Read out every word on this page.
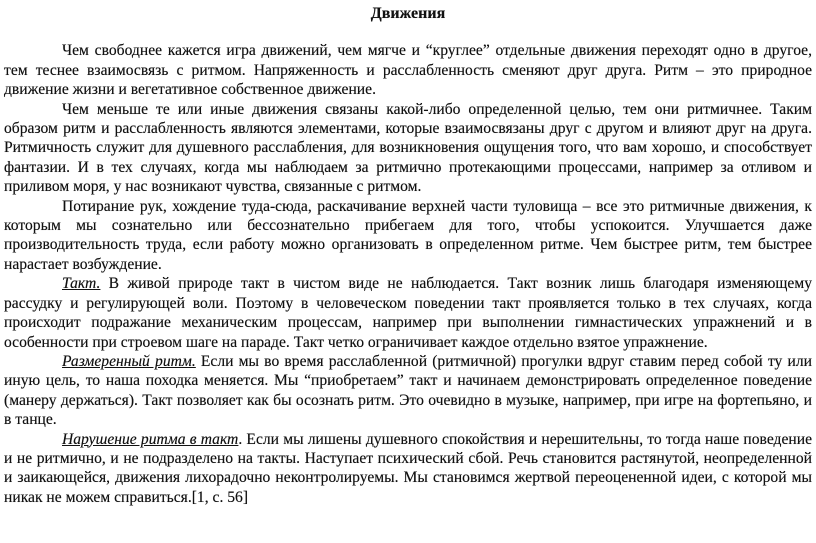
Движения

Чем свободнее кажется игра движений, чем мягче и “круглее” отдельные движения переходят одно в другое, тем теснее взаимосвязь с ритмом. Напряженность и расслабленность сменяют друг друга. Ритм – это природное движение жизни и вегетативное собственное движение.

Чем меньше те или иные движения связаны какой-либо определенной целью, тем они ритмичнее. Таким образом ритм и расслабленность являются элементами, которые взаимосвязаны друг с другом и влияют друг на друга. Ритмичность служит для душевного расслабления, для возникновения ощущения того, что вам хорошо, и способствует фантазии. И в тех случаях, когда мы наблюдаем за ритмично протекающими процессами, например за отливом и приливом моря, у нас возникают чувства, связанные с ритмом.

Потирание рук, хождение туда-сюда, раскачивание верхней части туловища – все это ритмичные движения, к которым мы сознательно или бессознательно прибегаем для того, чтобы успокоится. Улучшается даже производительность труда, если работу можно организовать в определенном ритме. Чем быстрее ритм, тем быстрее нарастает возбуждение.

Такт. В живой природе такт в чистом виде не наблюдается. Такт возник лишь благодаря изменяющему рассудку и регулирующей воли. Поэтому в человеческом поведении такт проявляется только в тех случаях, когда происходит подражание механическим процессам, например при выполнении гимнастических упражнений и в особенности при строевом шаге на параде. Такт четко ограничивает каждое отдельно взятое упражнение.

Размеренный ритм. Если мы во время расслабленной (ритмичной) прогулки вдруг ставим перед собой ту или иную цель, то наша походка меняется. Мы “приобретаем” такт и начинаем демонстрировать определенное поведение (манеру держаться). Такт позволяет как бы осознать ритм. Это очевидно в музыке, например, при игре на фортепьяно, и в танце.

Нарушение ритма в такт. Если мы лишены душевного спокойствия и нерешительны, то тогда наше поведение и не ритмично, и не подразделено на такты. Наступает психический сбой. Речь становится растянутой, неопределенной и заикающейся, движения лихорадочно неконтролируемы. Мы становимся жертвой переоцененной идеи, с которой мы никак не можем справиться.[1, с. 56]
